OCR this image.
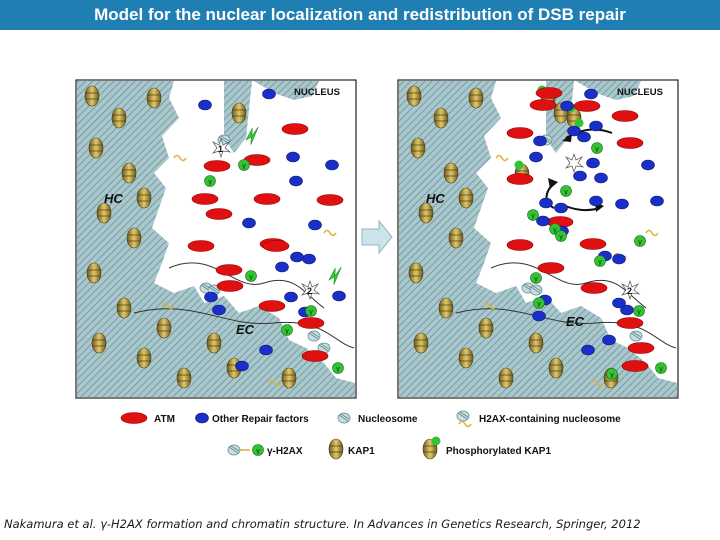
Model for the nuclear localization and redistribution of DSB repair
γ
NUCLEUS
HC
EC
1
2
NUCLEUS
HC
EC
2
ATM	Other Repair factors	Nucleosome	H2AX-containing nucleosome
γ γ-H2AX	KAP1	Phosphorylated KAP1
Nakamura et al. γ-H2AX formation and chromatin structure. In Advances in Genetics Research, Springer, 2012
